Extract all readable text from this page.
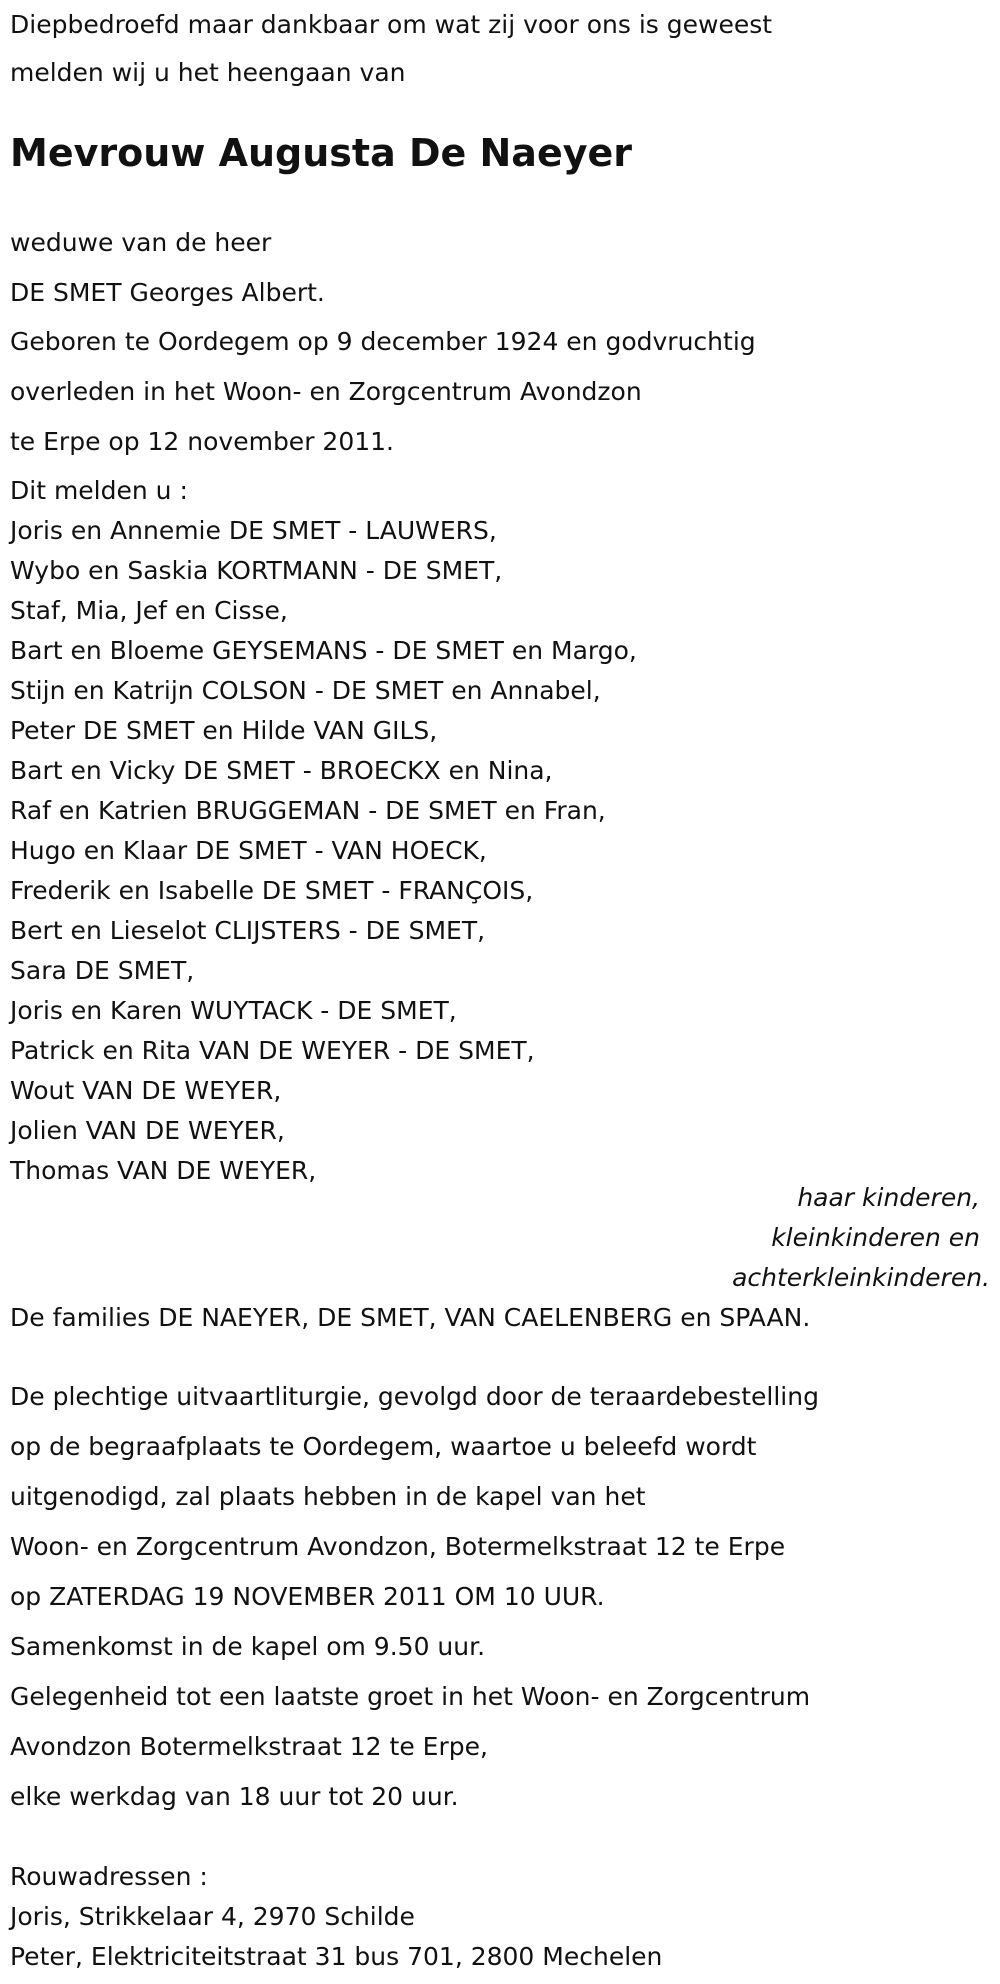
Diepbedroefd maar dankbaar om wat zij voor ons is geweest
melden wij u het heengaan van
Mevrouw Augusta De Naeyer
weduwe van de heer
DE SMET Georges Albert.
Geboren te Oordegem op 9 december 1924 en godvruchtig
overleden in het Woon- en Zorgcentrum Avondzon
te Erpe op 12 november 2011.
Dit melden u :
Joris en Annemie DE SMET - LAUWERS,
Wybo en Saskia KORTMANN - DE SMET,
Staf, Mia, Jef en Cisse,
Bart en Bloeme GEYSEMANS - DE SMET en Margo,
Stijn en Katrijn COLSON - DE SMET en Annabel,
Peter DE SMET en Hilde VAN GILS,
Bart en Vicky DE SMET - BROECKX en Nina,
Raf en Katrien BRUGGEMAN - DE SMET en Fran,
Hugo en Klaar DE SMET - VAN HOECK,
Frederik en Isabelle DE SMET - FRANÇOIS,
Bert en Lieselot CLIJSTERS - DE SMET,
Sara DE SMET,
Joris en Karen WUYTACK - DE SMET,
Patrick en Rita VAN DE WEYER - DE SMET,
Wout VAN DE WEYER,
Jolien VAN DE WEYER,
Thomas VAN DE WEYER,
haar kinderen,
kleinkinderen en
achterkleinkinderen.
De families DE NAEYER, DE SMET, VAN CAELENBERG en SPAAN.
De plechtige uitvaartliturgie, gevolgd door de teraardebestelling
op de begraafplaats te Oordegem, waartoe u beleefd wordt
uitgenodigd, zal plaats hebben in de kapel van het
Woon- en Zorgcentrum Avondzon, Botermelkstraat 12 te Erpe
op ZATERDAG 19 NOVEMBER 2011 OM 10 UUR.
Samenkomst in de kapel om 9.50 uur.
Gelegenheid tot een laatste groet in het Woon- en Zorgcentrum
Avondzon Botermelkstraat 12 te Erpe,
elke werkdag van 18 uur tot 20 uur.
Rouwadressen :
Joris, Strikkelaar 4, 2970 Schilde
Peter, Elektriciteitstraat 31 bus 701, 2800 Mechelen
